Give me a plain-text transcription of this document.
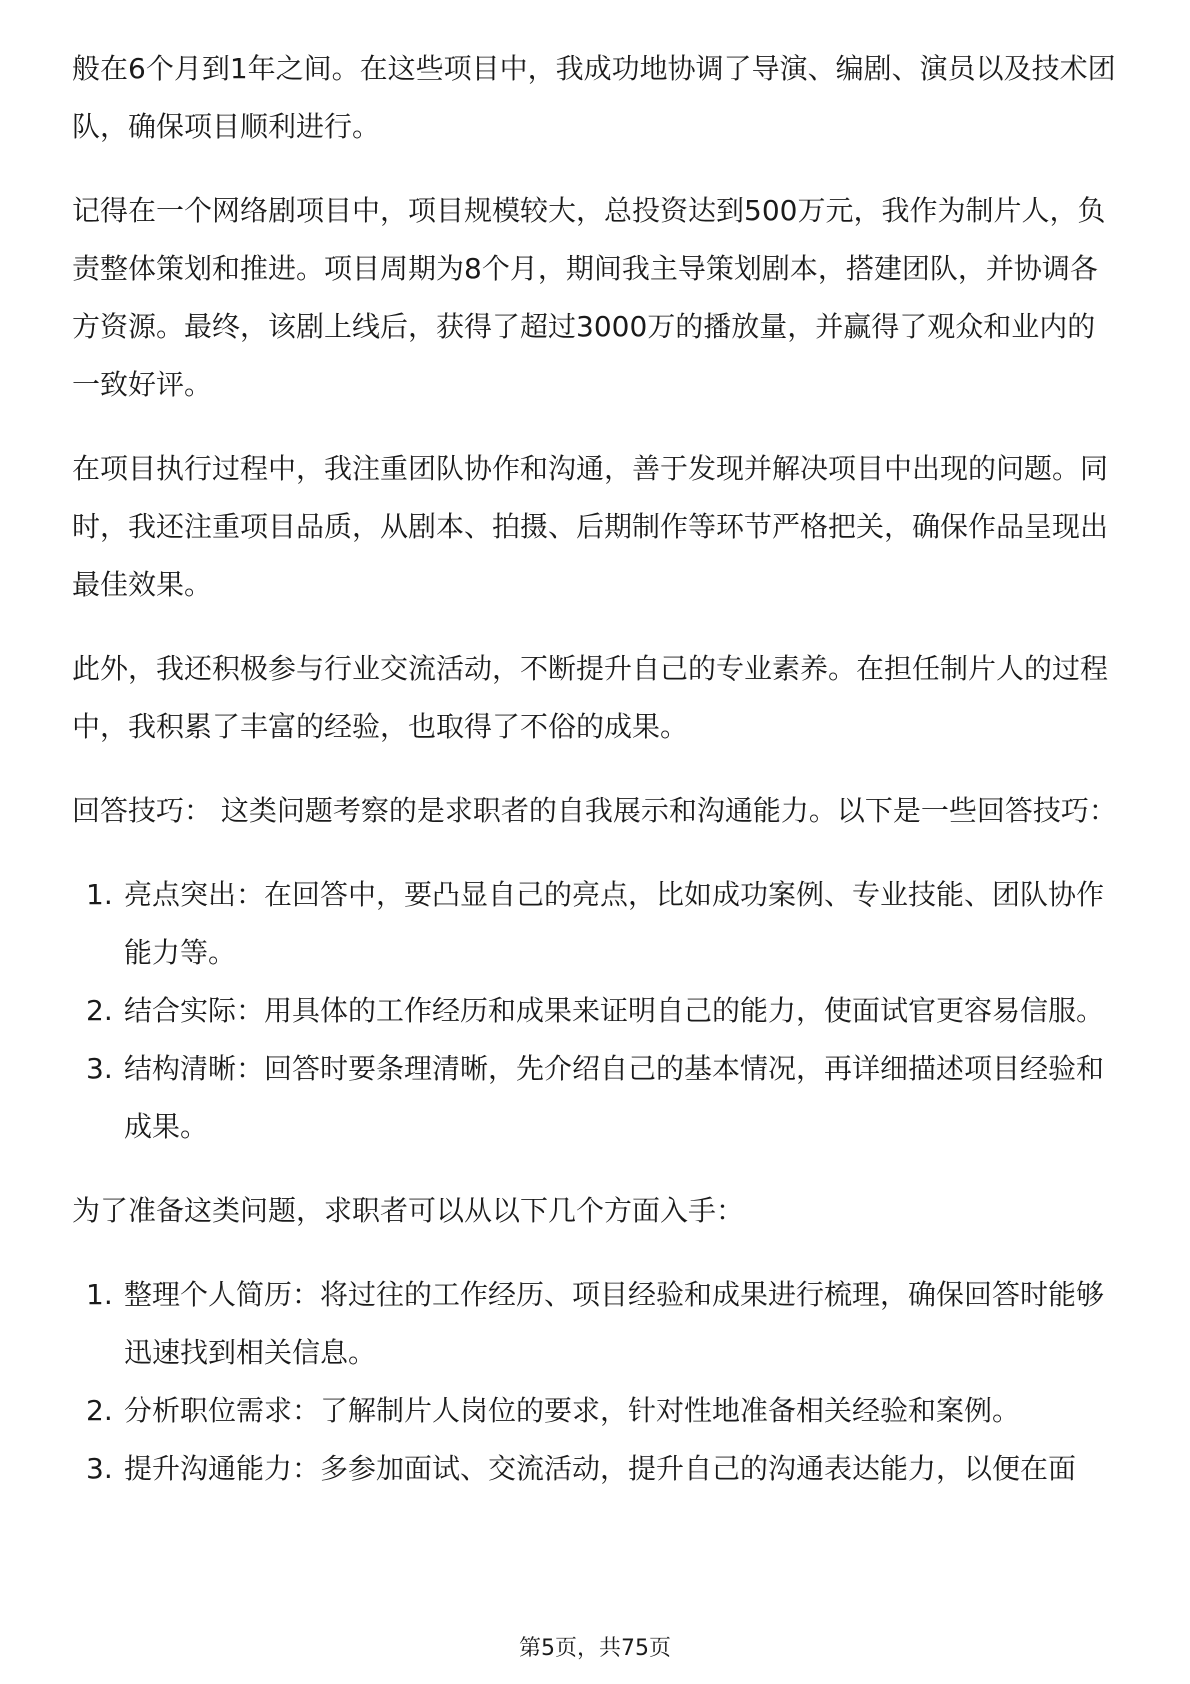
般在6个月到1年之间。在这些项目中，我成功地协调了导演、编剧、演员以及技术团队，确保项目顺利进行。

记得在一个网络剧项目中，项目规模较大，总投资达到500万元，我作为制片人，负责整体策划和推进。项目周期为8个月，期间我主导策划剧本，搭建团队，并协调各方资源。最终，该剧上线后，获得了超过3000万的播放量，并赢得了观众和业内的一致好评。

在项目执行过程中，我注重团队协作和沟通，善于发现并解决项目中出现的问题。同时，我还注重项目品质，从剧本、拍摄、后期制作等环节严格把关，确保作品呈现出最佳效果。

此外，我还积极参与行业交流活动，不断提升自己的专业素养。在担任制片人的过程中，我积累了丰富的经验，也取得了不俗的成果。

回答技巧： 这类问题考察的是求职者的自我展示和沟通能力。以下是一些回答技巧：

1. 亮点突出：在回答中，要凸显自己的亮点，比如成功案例、专业技能、团队协作能力等。
2. 结合实际：用具体的工作经历和成果来证明自己的能力，使面试官更容易信服。
3. 结构清晰：回答时要条理清晰，先介绍自己的基本情况，再详细描述项目经验和成果。

为了准备这类问题，求职者可以从以下几个方面入手：

1. 整理个人简历：将过往的工作经历、项目经验和成果进行梳理，确保回答时能够迅速找到相关信息。
2. 分析职位需求：了解制片人岗位的要求，针对性地准备相关经验和案例。
3. 提升沟通能力：多参加面试、交流活动，提升自己的沟通表达能力，以便在面
第5页，共75页
